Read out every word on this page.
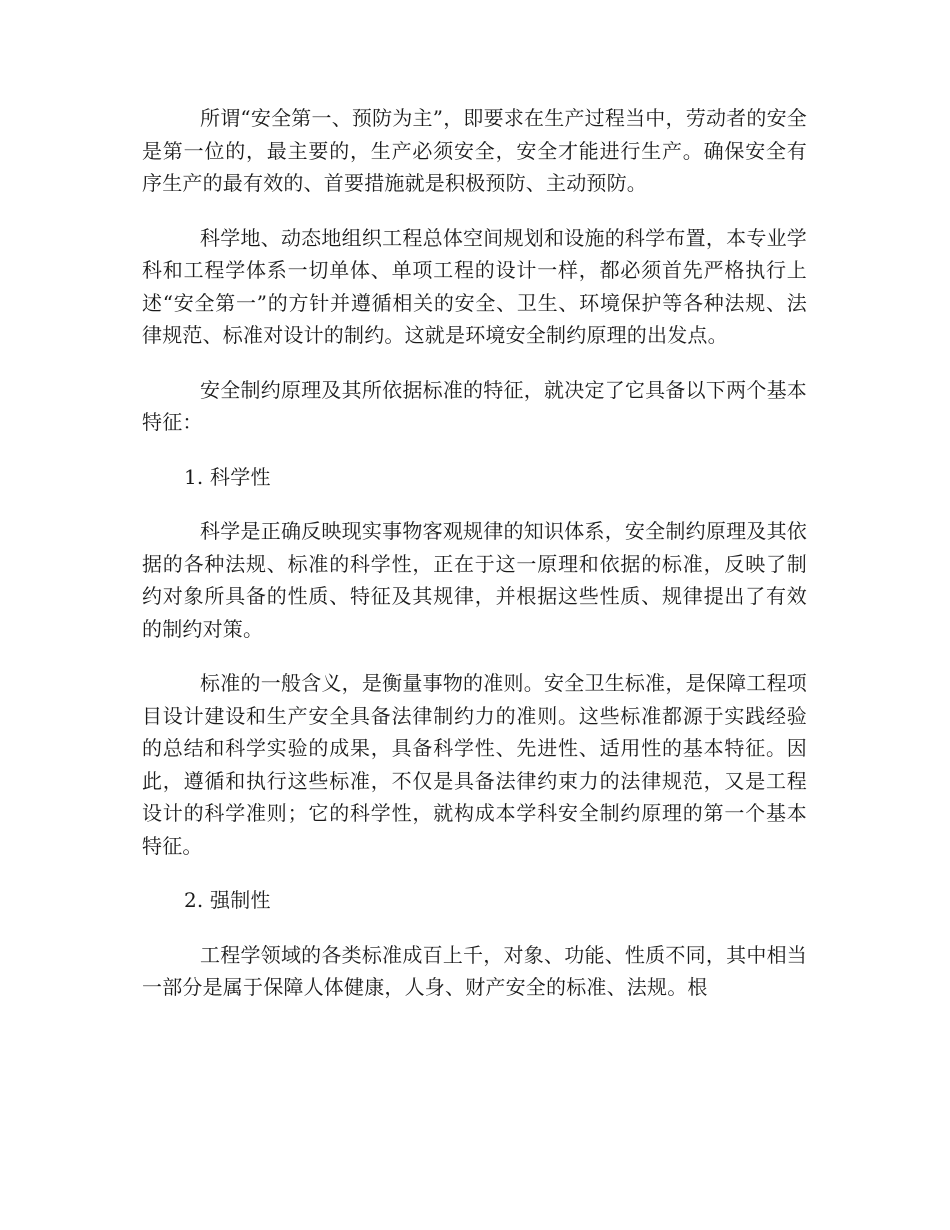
所谓“安全第一、预防为主”，即要求在生产过程当中，劳动者的安全是第一位的，最主要的，生产必须安全，安全才能进行生产。确保安全有序生产的最有效的、首要措施就是积极预防、主动预防。

科学地、动态地组织工程总体空间规划和设施的科学布置，本专业学科和工程学体系一切单体、单项工程的设计一样，都必须首先严格执行上述“安全第一”的方针并遵循相关的安全、卫生、环境保护等各种法规、法律规范、标准对设计的制约。这就是环境安全制约原理的出发点。

安全制约原理及其所依据标准的特征，就决定了它具备以下两个基本特征：

1. 科学性

科学是正确反映现实事物客观规律的知识体系，安全制约原理及其依据的各种法规、标准的科学性，正在于这一原理和依据的标准，反映了制约对象所具备的性质、特征及其规律，并根据这些性质、规律提出了有效的制约对策。

标准的一般含义，是衡量事物的准则。安全卫生标准，是保障工程项目设计建设和生产安全具备法律制约力的准则。这些标准都源于实践经验的总结和科学实验的成果，具备科学性、先进性、适用性的基本特征。因此，遵循和执行这些标准，不仅是具备法律约束力的法律规范，又是工程设计的科学准则；它的科学性，就构成本学科安全制约原理的第一个基本特征。

2. 强制性

工程学领域的各类标准成百上千，对象、功能、性质不同，其中相当一部分是属于保障人体健康，人身、财产安全的标准、法规。根
